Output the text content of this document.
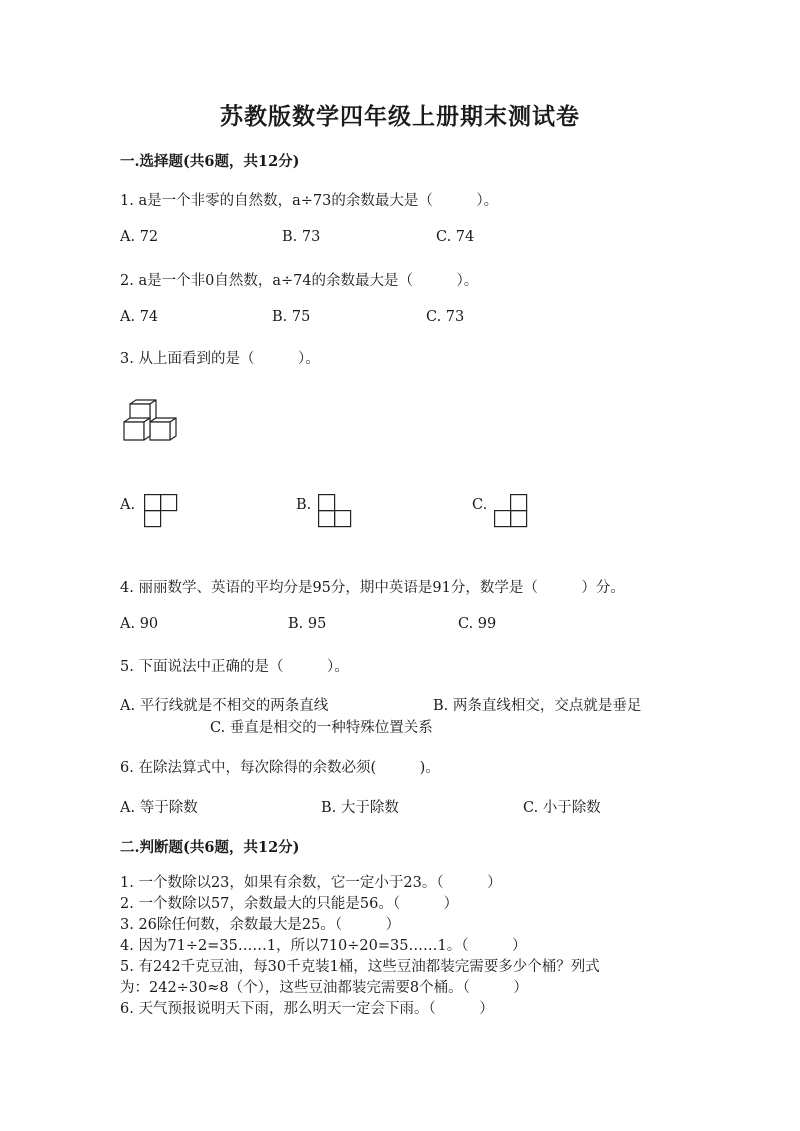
苏教版数学四年级上册期末测试卷
一.选择题(共6题，共12分)
1. a是一个非零的自然数，a÷73的余数最大是（　　　）。
A. 72	B. 73	C. 74
2. a是一个非0自然数，a÷74的余数最大是（　　　）。
A. 74	B. 75	C. 73
3. 从上面看到的是（　　　）。
A.	B.	C.
4. 丽丽数学、英语的平均分是95分，期中英语是91分，数学是（　　　）分。
A. 90	B. 95	C. 99
5. 下面说法中正确的是（　　　）。
A. 平行线就是不相交的两条直线	B. 两条直线相交，交点就是垂足
C. 垂直是相交的一种特殊位置关系
6. 在除法算式中，每次除得的余数必须(　　　)。
A. 等于除数	B. 大于除数	C. 小于除数
二.判断题(共6题，共12分)
1. 一个数除以23，如果有余数，它一定小于23。（　　　）
2. 一个数除以57，余数最大的只能是56。（　　　）
3. 26除任何数，余数最大是25。（　　　）
4. 因为71÷2=35……1，所以710÷20=35……1。（　　　）
5. 有242千克豆油，每30千克装1桶，这些豆油都装完需要多少个桶？列式
为：242÷30≈8（个），这些豆油都装完需要8个桶。（　　　）
6. 天气预报说明天下雨，那么明天一定会下雨。（　　　）
